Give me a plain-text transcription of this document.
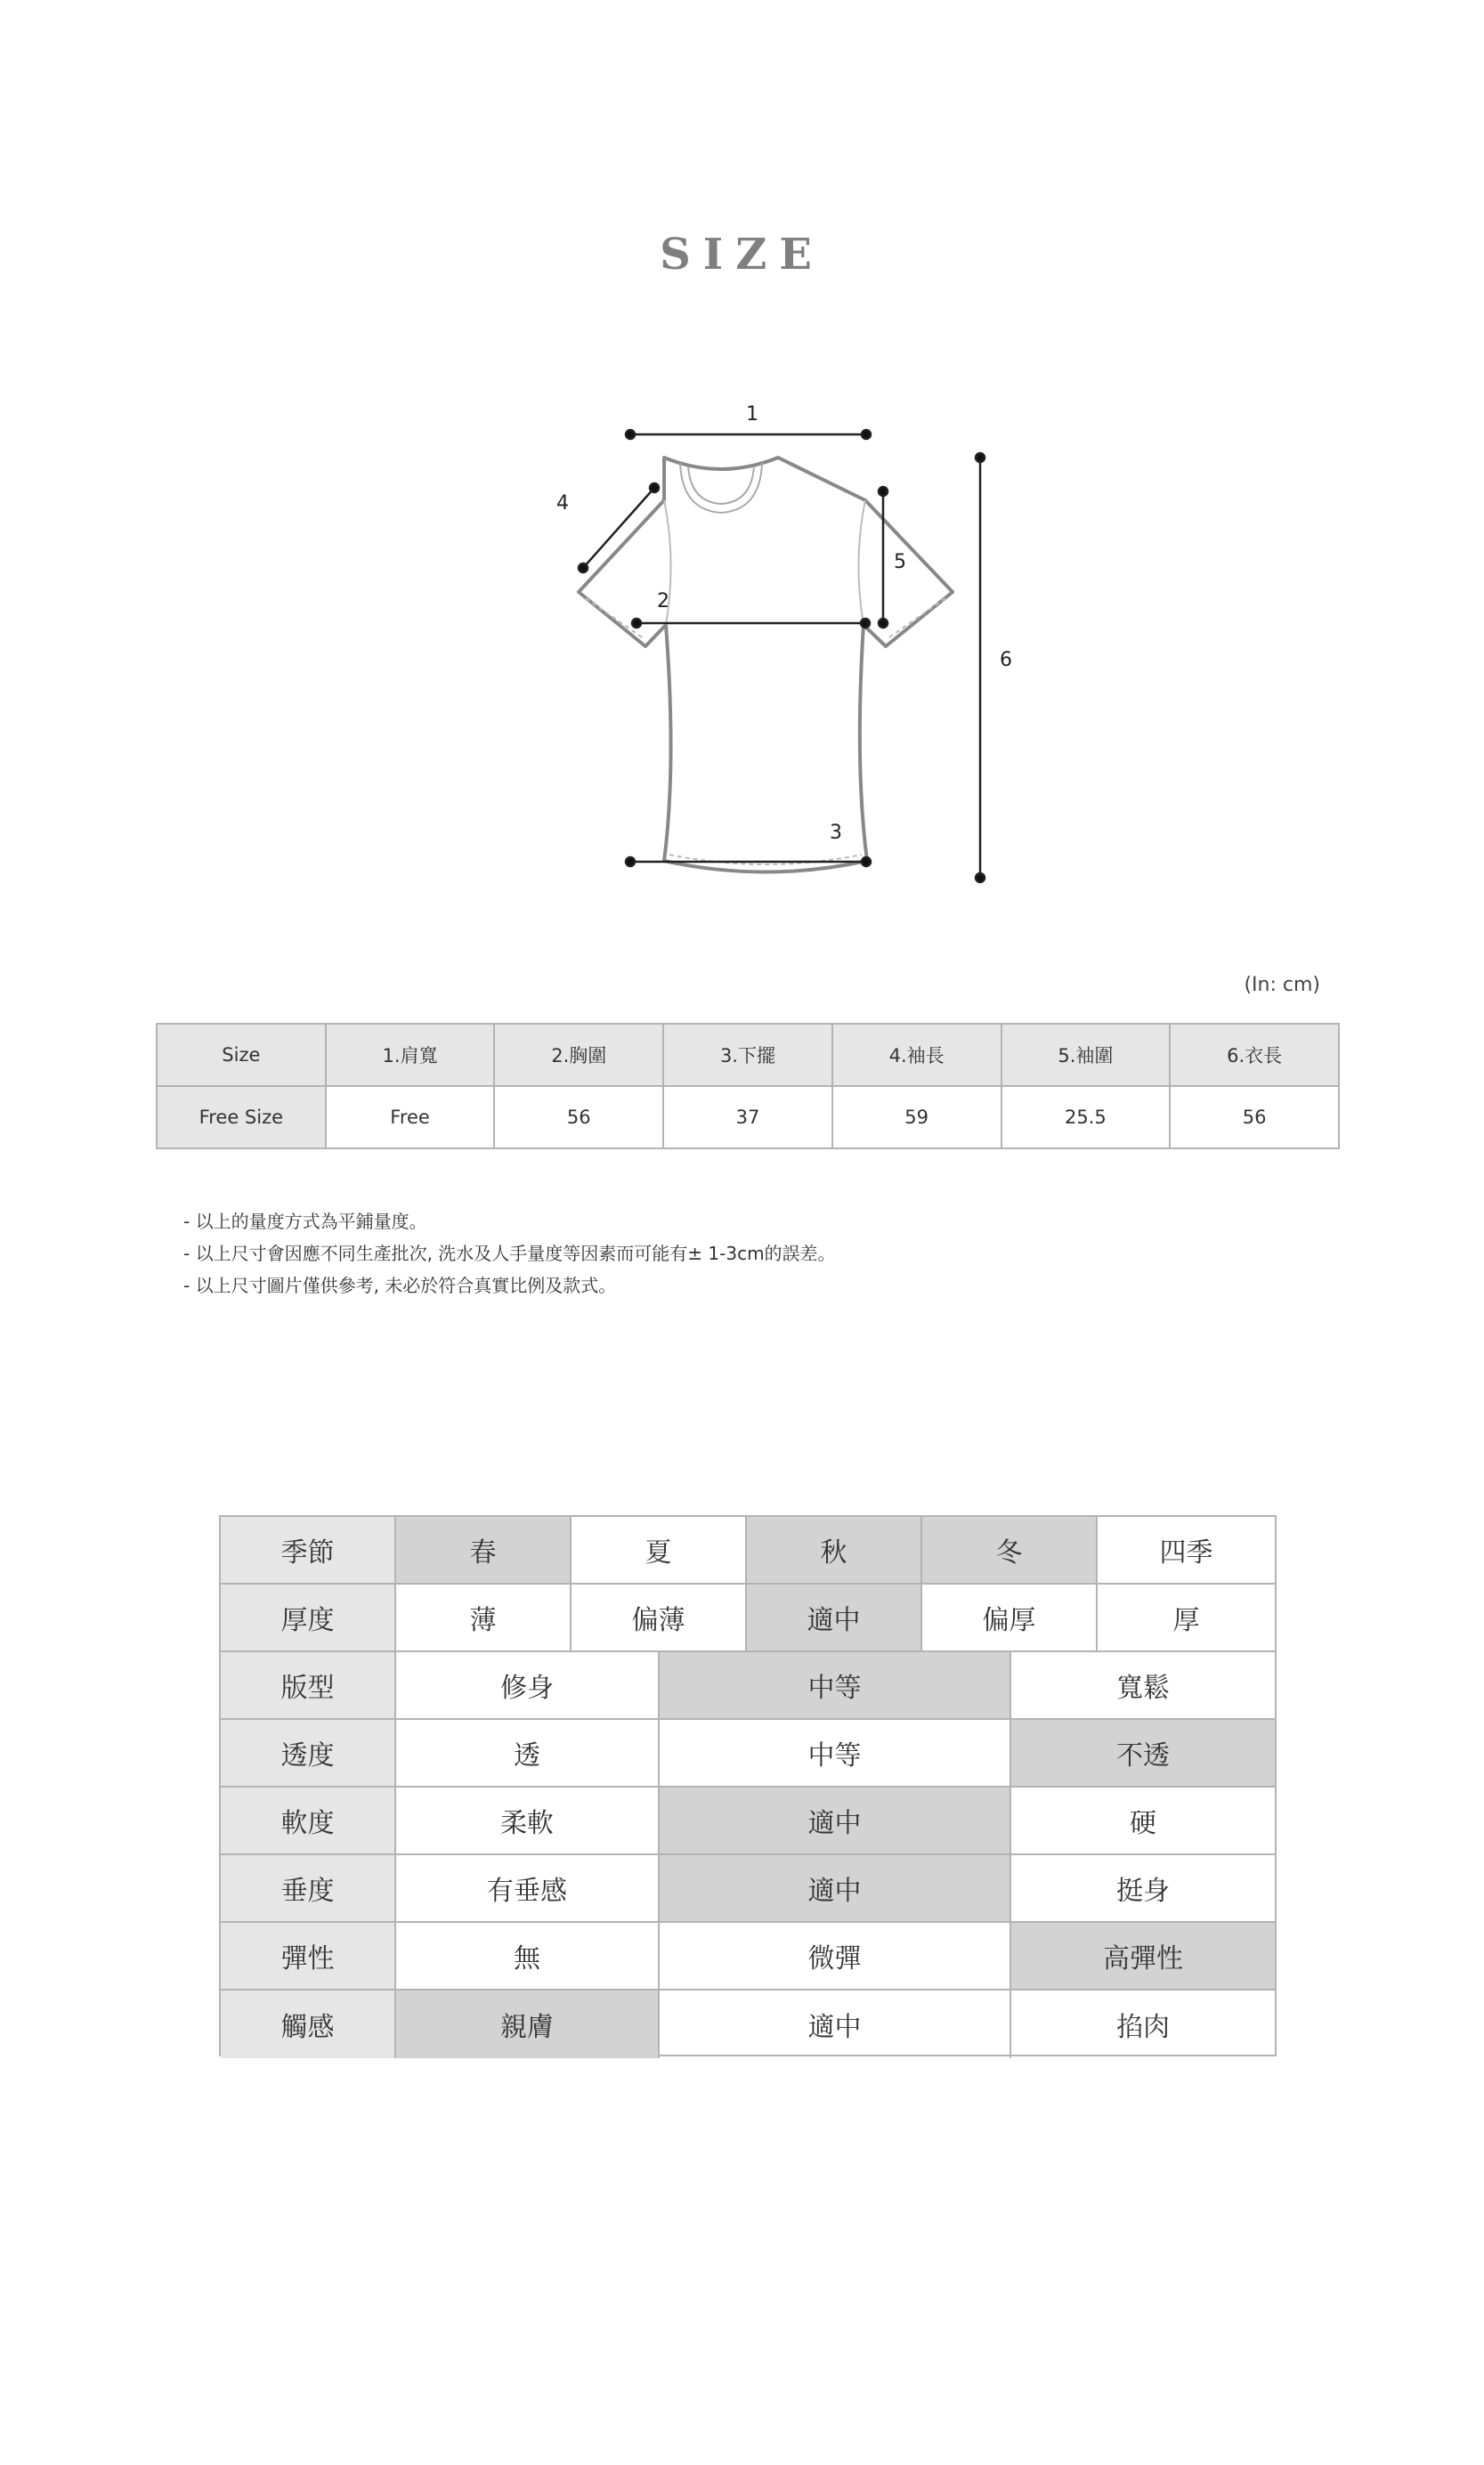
SIZE
1
4
2
5
6
3
(In: cm)
Size	1.肩寬	2.胸圍	3.下擺	4.袖長	5.袖圍	6.衣長
Free Size	Free	56	37	59	25.5	56
- 以上的量度方式為平鋪量度。
- 以上尺寸會因應不同生產批次, 洗水及人手量度等因素而可能有± 1-3cm的誤差。
- 以上尺寸圖片僅供參考, 未必於符合真實比例及款式。
季節	春	夏	秋	冬	四季
厚度	薄	偏薄	適中	偏厚	厚
版型	修身	中等	寬鬆
透度	透	中等	不透
軟度	柔軟	適中	硬
垂度	有垂感	適中	挺身
彈性	無	微彈	高彈性
觸感	親膚	適中	掐肉
